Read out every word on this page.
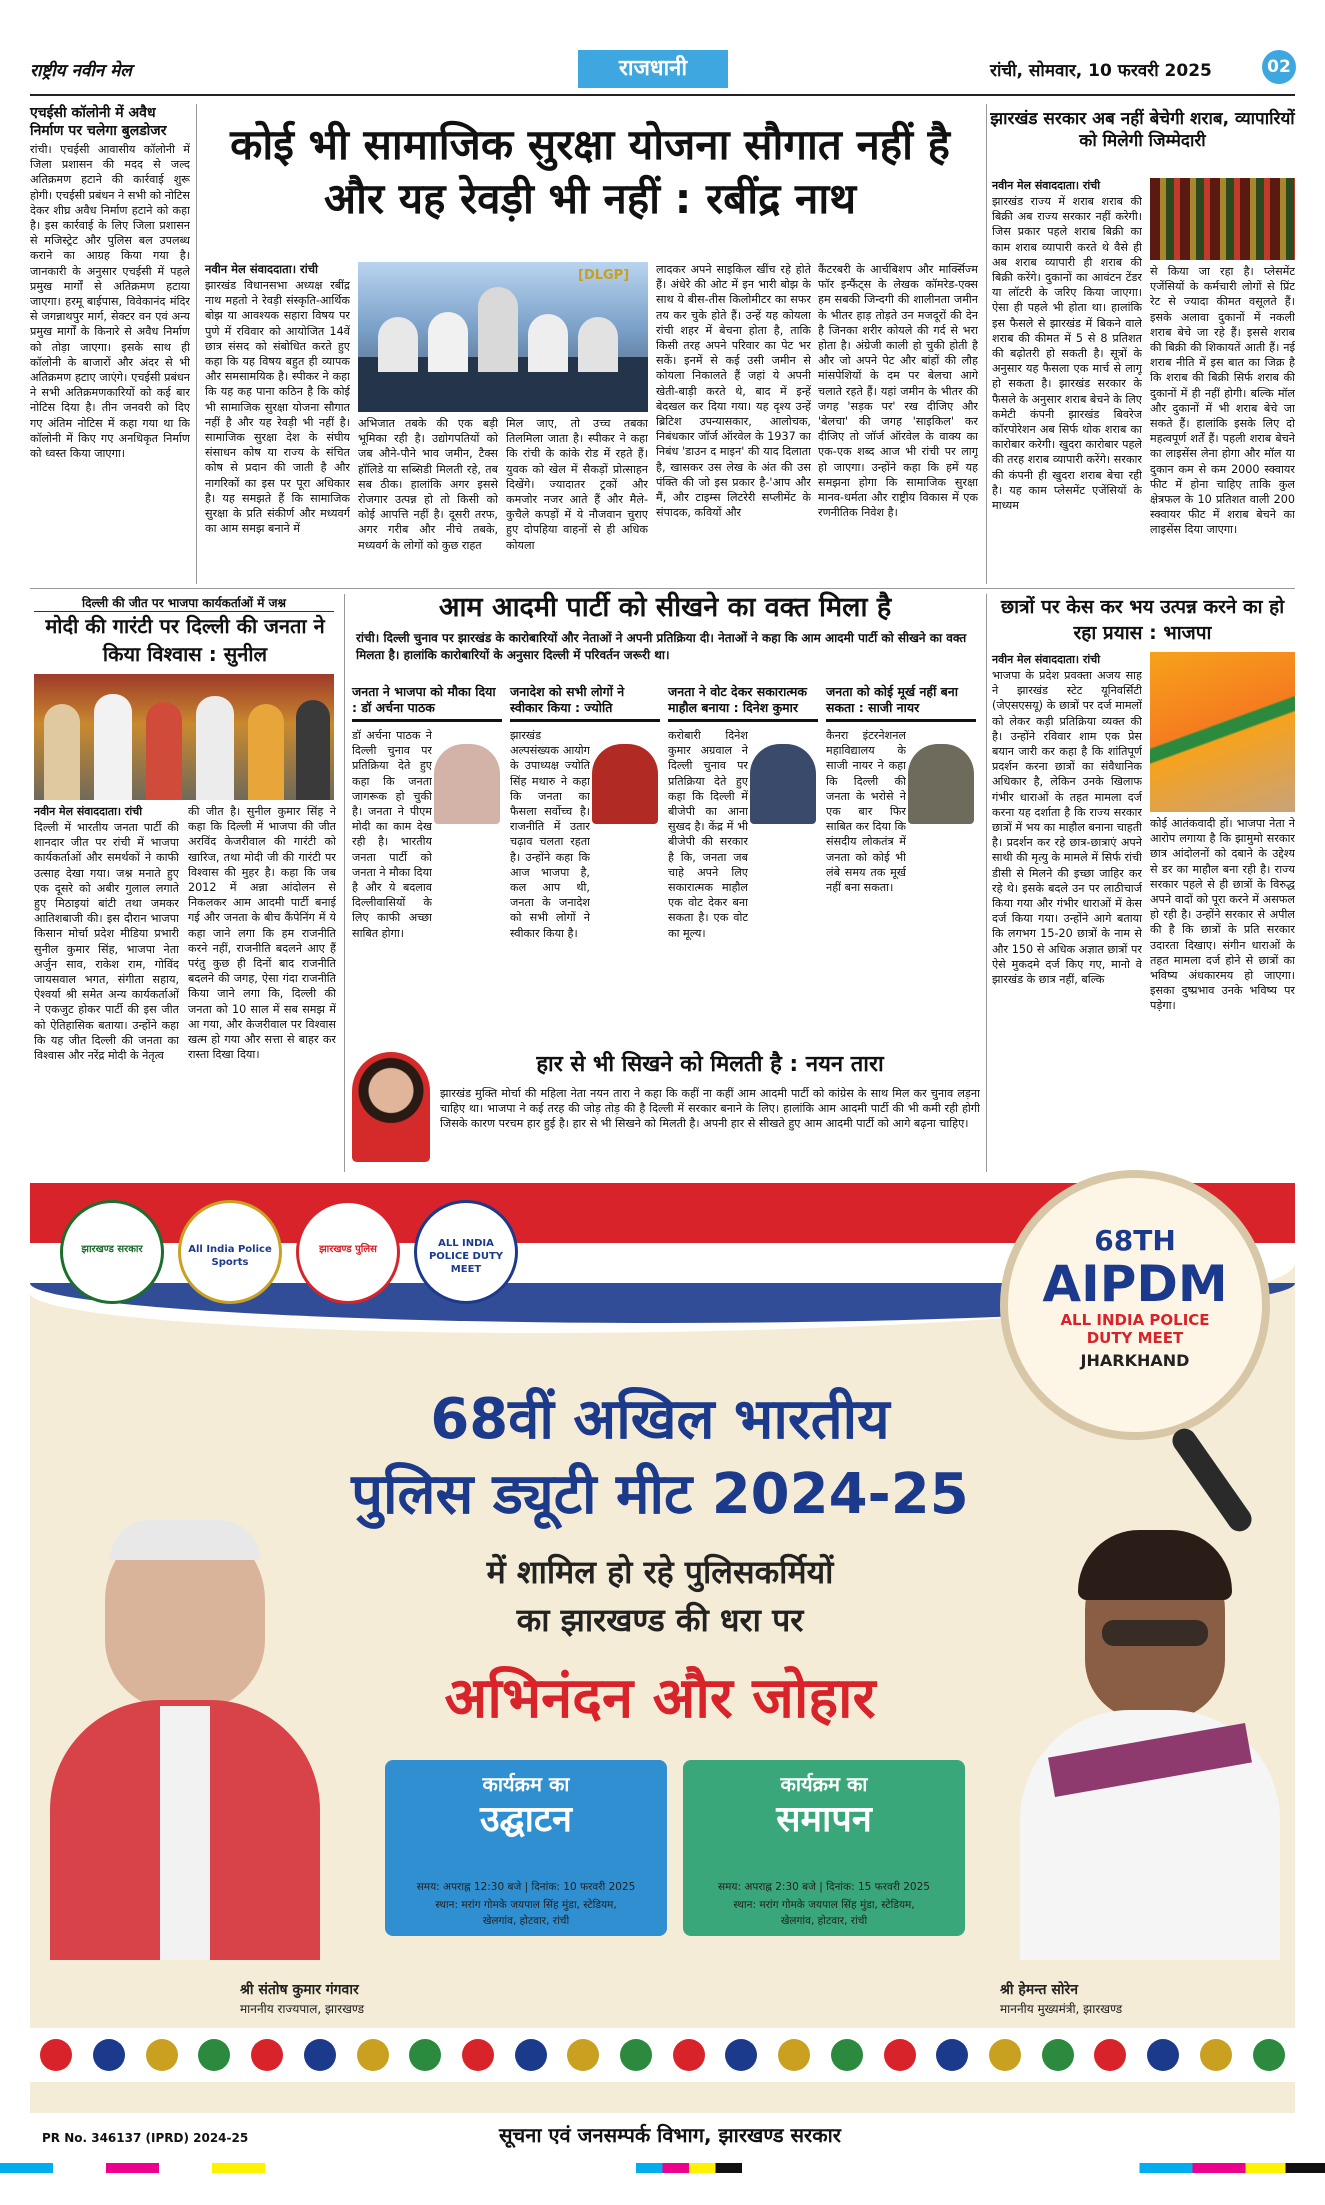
राष्ट्रीय नवीन मेल	राजधानी	रांची, सोमवार, 10 फरवरी 2025	02
एचईसी कॉलोनी में अवैध निर्माण पर चलेगा बुलडोजर
रांची। एचईसी आवासीय कॉलोनी में जिला प्रशासन की मदद से जल्द अतिक्रमण हटाने की कार्रवाई शुरू होगी। एचईसी प्रबंधन ने सभी को नोटिस देकर शीघ्र अवैध निर्माण हटाने को कहा है। इस कार्रवाई के लिए जिला प्रशासन से मजिस्ट्रेट और पुलिस बल उपलब्ध कराने का आग्रह किया गया है। जानकारी के अनुसार एचईसी में पहले प्रमुख मार्गों से अतिक्रमण हटाया जाएगा। हरमू बाईपास, विवेकानंद मंदिर से जगन्नाथपुर मार्ग, सेक्टर वन एवं अन्य प्रमुख मार्गों के किनारे से अवैध निर्माण को तोड़ा जाएगा। इसके साथ ही कॉलोनी के बाजारों और अंदर से भी अतिक्रमण हटाए जाएंगे। एचईसी प्रबंधन ने सभी अतिक्रमणकारियों को कई बार नोटिस दिया है। तीन जनवरी को दिए गए अंतिम नोटिस में कहा गया था कि कॉलोनी में किए गए अनधिकृत निर्माण को ध्वस्त किया जाएगा।
कोई भी सामाजिक सुरक्षा योजना सौगात नहीं है और यह रेवड़ी भी नहीं : रबींद्र नाथ
नवीन मेल संवाददाता। रांची
झारखंड विधानसभा अध्यक्ष रबींद्र नाथ महतो ने रेवड़ी संस्कृति-आर्थिक बोझ या आवश्यक सहारा विषय पर पुणे में रविवार को आयोजित 14वें छात्र संसद को संबोधित करते हुए कहा कि यह विषय बहुत ही व्यापक और समसामयिक है। स्पीकर ने कहा कि यह कह पाना कठिन है कि कोई भी सामाजिक सुरक्षा योजना सौगात नहीं है और यह रेवड़ी भी नहीं है। सामाजिक सुरक्षा देश के संघीय संसाधन कोष या राज्य के संचित कोष से प्रदान की जाती है और नागरिकों का इस पर पूरा अधिकार है। यह समझते हैं कि सामाजिक सुरक्षा के प्रति संकीर्ण और मध्यवर्ग का आम समझ बनाने में
[DLGP]
अभिजात तबके की एक बड़ी भूमिका रही है। उद्योगपतियों को जब औने-पौने भाव जमीन, टैक्स हॉलिडे या सब्सिडी मिलती रहे, तब सब ठीक। हालांकि अगर इससे रोजगार उत्पन्न हो तो किसी को कोई आपत्ति नहीं है। दूसरी तरफ, अगर गरीब और नीचे तबके, मध्यवर्ग के लोगों को कुछ राहत
मिल जाए, तो उच्च तबका तिलमिला जाता है। स्पीकर ने कहा कि रांची के कांके रोड में रहते हैं। युवक को खेल में सैकड़ों प्रोत्साहन दिखेंगे। ज्यादातर ट्रकों और कमजोर नजर आते हैं और मैले-कुचैले कपड़ों में ये नौजवान चुराए हुए दोपहिया वाहनों से ही अधिक कोयला
लादकर अपने साइकिल खींच रहे होते हैं। अंधेरे की ओट में इन भारी बोझ के साथ ये बीस-तीस किलोमीटर का सफर तय कर चुके होते हैं। उन्हें यह कोयला रांची शहर में बेचना होता है, ताकि किसी तरह अपने परिवार का पेट भर सकें। इनमें से कई उसी जमीन से कोयला निकालते हैं जहां ये अपनी खेती-बाड़ी करते थे, बाद में इन्हें बेदखल कर दिया गया। यह दृश्य उन्हें ब्रिटिश उपन्यासकार, आलोचक, निबंधकार जॉर्ज ऑरवेल के 1937 का निबंध 'डाउन द माइन' की याद दिलाता है, खासकर उस लेख के अंत की उस पंक्ति की जो इस प्रकार है-'आप और मैं, और टाइम्स लिटरेरी सप्लीमेंट के संपादक, कवियों और
कैंटरबरी के आर्चबिशप और मार्क्सिज्म फॉर इन्फैंट्स के लेखक कॉमरेड-एक्स हम सबकी जिन्दगी की शालीनता जमीन के भीतर हाड़ तोड़ते उन मजदूरों की देन है जिनका शरीर कोयले की गर्द से भरा होता है। अंग्रेजी काली हो चुकी होती है और जो अपने पेट और बांहों की लौह मांसपेशियों के दम पर बेलचा आगे चलाते रहते हैं। यहां जमीन के भीतर की जगह 'सड़क पर' रख दीजिए और 'बेलचा' की जगह 'साइकिल' कर दीजिए तो जॉर्ज ऑरवेल के वाक्य का एक-एक शब्द आज भी रांची पर लागू हो जाएगा। उन्होंने कहा कि हमें यह समझना होगा कि सामाजिक सुरक्षा मानव-धर्मता और राष्ट्रीय विकास में एक रणनीतिक निवेश है।
झारखंड सरकार अब नहीं बेचेगी शराब, व्यापारियों को मिलेगी जिम्मेदारी
नवीन मेल संवाददाता। रांची
झारखंड राज्य में शराब शराब की बिक्री अब राज्य सरकार नहीं करेगी। जिस प्रकार पहले शराब बिक्री का काम शराब व्यापारी करते थे वैसे ही अब शराब व्यापारी ही शराब की बिक्री करेंगे। दुकानों का आवंटन टेंडर या लॉटरी के जरिए किया जाएगा। ऐसा ही पहले भी होता था। हालांकि इस फैसले से झारखंड में बिकने वाले शराब की कीमत में 5 से 8 प्रतिशत की बढ़ोतरी हो सकती है। सूत्रों के अनुसार यह फैसला एक मार्च से लागू हो सकता है। झारखंड सरकार के फैसले के अनुसार शराब बेचने के लिए कमेटी कंपनी झारखंड बिवरेज कॉरपोरेशन अब सिर्फ थोक शराब का कारोबार करेगी। खुदरा कारोबार पहले की तरह शराब व्यापारी करेंगे। सरकार की कंपनी ही खुदरा शराब बेचा रही है। यह काम प्लेसमेंट एजेंसियों के माध्यम
से किया जा रहा है। प्लेसमेंट एजेंसियों के कर्मचारी लोगों से प्रिंट रेट से ज्यादा कीमत वसूलते हैं। इसके अलावा दुकानों में नकली शराब बेचे जा रहे हैं। इससे शराब की बिक्री की शिकायतें आती हैं। नई शराब नीति में इस बात का जिक्र है कि शराब की बिक्री सिर्फ शराब की दुकानों में ही नहीं होगी। बल्कि मॉल और दुकानों में भी शराब बेचे जा सकते हैं। हालांकि इसके लिए दो महत्वपूर्ण शर्तें हैं। पहली शराब बेचने का लाइसेंस लेना होगा और मॉल या दुकान कम से कम 2000 स्क्वायर फीट में होना चाहिए ताकि कुल क्षेत्रफल के 10 प्रतिशत वाली 200 स्क्वायर फीट में शराब बेचने का लाइसेंस दिया जाएगा।
दिल्ली की जीत पर भाजपा कार्यकर्ताओं में जश्न
मोदी की गारंटी पर दिल्ली की जनता ने किया विश्वास : सुनील
नवीन मेल संवाददाता। रांची
दिल्ली में भारतीय जनता पार्टी की शानदार जीत पर रांची में भाजपा कार्यकर्ताओं और समर्थकों ने काफी उत्साह देखा गया। जश्न मनाते हुए एक दूसरे को अबीर गुलाल लगाते हुए मिठाइयां बांटी तथा जमकर आतिशबाजी की। इस दौरान भाजपा किसान मोर्चा प्रदेश मीडिया प्रभारी सुनील कुमार सिंह, भाजपा नेता अर्जुन साव, राकेश राम, गोविंद जायसवाल भगत, संगीता सहाय, ऐश्वर्या श्री समेत अन्य कार्यकर्ताओं ने एकजुट होकर पार्टी की इस जीत को ऐतिहासिक बताया। उन्होंने कहा कि यह जीत दिल्ली की जनता का विश्वास और नरेंद्र मोदी के नेतृत्व
की जीत है। सुनील कुमार सिंह ने कहा कि दिल्ली में भाजपा की जीत अरविंद केजरीवाल की गारंटी को खारिज, तथा मोदी जी की गारंटी पर विश्वास की मुहर है। कहा कि जब 2012 में अन्ना आंदोलन से निकलकर आम आदमी पार्टी बनाई गई और जनता के बीच कैंपेनिंग में ये कहा जाने लगा कि हम राजनीति करने नहीं, राजनीति बदलने आए हैं परंतु कुछ ही दिनों बाद राजनीति बदलने की जगह, ऐसा गंदा राजनीति किया जाने लगा कि, दिल्ली की जनता को 10 साल में सब समझ में आ गया, और केजरीवाल पर विश्वास खत्म हो गया और सत्ता से बाहर कर रास्ता दिखा दिया।
आम आदमी पार्टी को सीखने का वक्त मिला है
रांची। दिल्ली चुनाव पर झारखंड के कारोबारियों और नेताओं ने अपनी प्रतिक्रिया दी। नेताओं ने कहा कि आम आदमी पार्टी को सीखने का वक्त मिलता है। हालांकि कारोबारियों के अनुसार दिल्ली में परिवर्तन जरूरी था।
जनता ने भाजपा को मौका दिया : डॉ अर्चना पाठक
डॉ अर्चना पाठक ने दिल्ली चुनाव पर प्रतिक्रिया देते हुए कहा कि जनता जागरूक हो चुकी है। जनता ने पीएम मोदी का काम देख रही है। भारतीय जनता पार्टी को जनता ने मौका दिया है और ये बदलाव दिल्लीवासियों के लिए काफी अच्छा साबित होगा।
जनादेश को सभी लोगों ने स्वीकार किया : ज्योति
झारखंड अल्पसंख्यक आयोग के उपाध्यक्ष ज्योति सिंह मथारु ने कहा कि जनता का फैसला सर्वोच्च है। राजनीति में उतार चढ़ाव चलता रहता है। उन्होंने कहा कि आज भाजपा है, कल आप थी, जनता के जनादेश को सभी लोगों ने स्वीकार किया है।
जनता ने वोट देकर सकारात्मक माहौल बनाया : दिनेश कुमार
करोबारी दिनेश कुमार अग्रवाल ने दिल्ली चुनाव पर प्रतिक्रिया देते हुए कहा कि दिल्ली में बीजेपी का आना सुखद है। केंद्र में भी बीजेपी की सरकार है कि, जनता जब चाहे अपने लिए सकारात्मक माहौल एक वोट देकर बना सकता है। एक वोट का मूल्य।
जनता को कोई मूर्ख नहीं बना सकता : साजी नायर
कैनरा इंटरनेशनल महाविद्यालय के साजी नायर ने कहा कि दिल्ली की जनता के भरोसे ने एक बार फिर साबित कर दिया कि संसदीय लोकतंत्र में जनता को कोई भी लंबे समय तक मूर्ख नहीं बना सकता।
हार से भी सिखने को मिलती है : नयन तारा
झारखंड मुक्ति मोर्चा की महिला नेता नयन तारा ने कहा कि कहीं ना कहीं आम आदमी पार्टी को कांग्रेस के साथ मिल कर चुनाव लड़ना चाहिए था। भाजपा ने कई तरह की जोड़ तोड़ की है दिल्ली में सरकार बनाने के लिए। हालांकि आम आदमी पार्टी की भी कमी रही होगी जिसके कारण परचम हार हुई है। हार से भी सिखने को मिलती है। अपनी हार से सीखते हुए आम आदमी पार्टी को आगे बढ़ना चाहिए।
छात्रों पर केस कर भय उत्पन्न करने का हो रहा प्रयास : भाजपा
नवीन मेल संवाददाता। रांची
भाजपा के प्रदेश प्रवक्ता अजय साह ने झारखंड स्टेट यूनिवर्सिटी (जेएसएसयू) के छात्रों पर दर्ज मामलों को लेकर कड़ी प्रतिक्रिया व्यक्त की है। उन्होंने रविवार शाम एक प्रेस बयान जारी कर कहा है कि शांतिपूर्ण प्रदर्शन करना छात्रों का संवैधानिक अधिकार है, लेकिन उनके खिलाफ गंभीर धाराओं के तहत मामला दर्ज करना यह दर्शाता है कि राज्य सरकार छात्रों में भय का माहौल बनाना चाहती है। प्रदर्शन कर रहे छात्र-छात्राएं अपने साथी की मृत्यु के मामले में सिर्फ रांची डीसी से मिलने की इच्छा जाहिर कर रहे थे। इसके बदले उन पर लाठीचार्ज किया गया और गंभीर धाराओं में केस दर्ज किया गया। उन्होंने आगे बताया कि लगभग 15-20 छात्रों के नाम से और 150 से अधिक अज्ञात छात्रों पर ऐसे मुकदमे दर्ज किए गए, मानो वे झारखंड के छात्र नहीं, बल्कि
कोई आतंकवादी हों। भाजपा नेता ने आरोप लगाया है कि झामुमो सरकार छात्र आंदोलनों को दबाने के उद्देश्य से डर का माहौल बना रही है। राज्य सरकार पहले से ही छात्रों के विरुद्ध अपने वादों को पूरा करने में असफल हो रही है। उन्होंने सरकार से अपील की है कि छात्रों के प्रति सरकार उदारता दिखाए। संगीन धाराओं के तहत मामला दर्ज होने से छात्रों का भविष्य अंधकारमय हो जाएगा। इसका दुष्प्रभाव उनके भविष्य पर पड़ेगा।
झारखण्ड सरकार	All India Police Sports
झारखण्ड पुलिस
ALL INDIA POLICE DUTY MEET
68TH
AIPDM
ALL INDIA POLICE
DUTY MEET
JHARKHAND
68वीं अखिल भारतीय
पुलिस ड्यूटी मीट 2024-25
में शामिल हो रहे पुलिसकर्मियों
का झारखण्ड की धरा पर
अभिनंदन और जोहार
श्री संतोष कुमार गंगवार
माननीय राज्यपाल, झारखण्ड
श्री हेमन्त सोरेन
माननीय मुख्यमंत्री, झारखण्ड
कार्यक्रम का
उद्घाटन
समय: अपराह्न 12:30 बजे | दिनांक: 10 फरवरी 2025
स्थान: मरांग गोमके जयपाल सिंह मुंडा, स्टेडियम,
खेलगांव, होटवार, रांची
कार्यक्रम का
समापन
समय: अपराह्न 2:30 बजे | दिनांक: 15 फरवरी 2025
स्थान: मरांग गोमके जयपाल सिंह मुंडा, स्टेडियम,
खेलगांव, होटवार, रांची
PR No. 346137 (IPRD) 2024-25	सूचना एवं जनसम्पर्क विभाग, झारखण्ड सरकार
